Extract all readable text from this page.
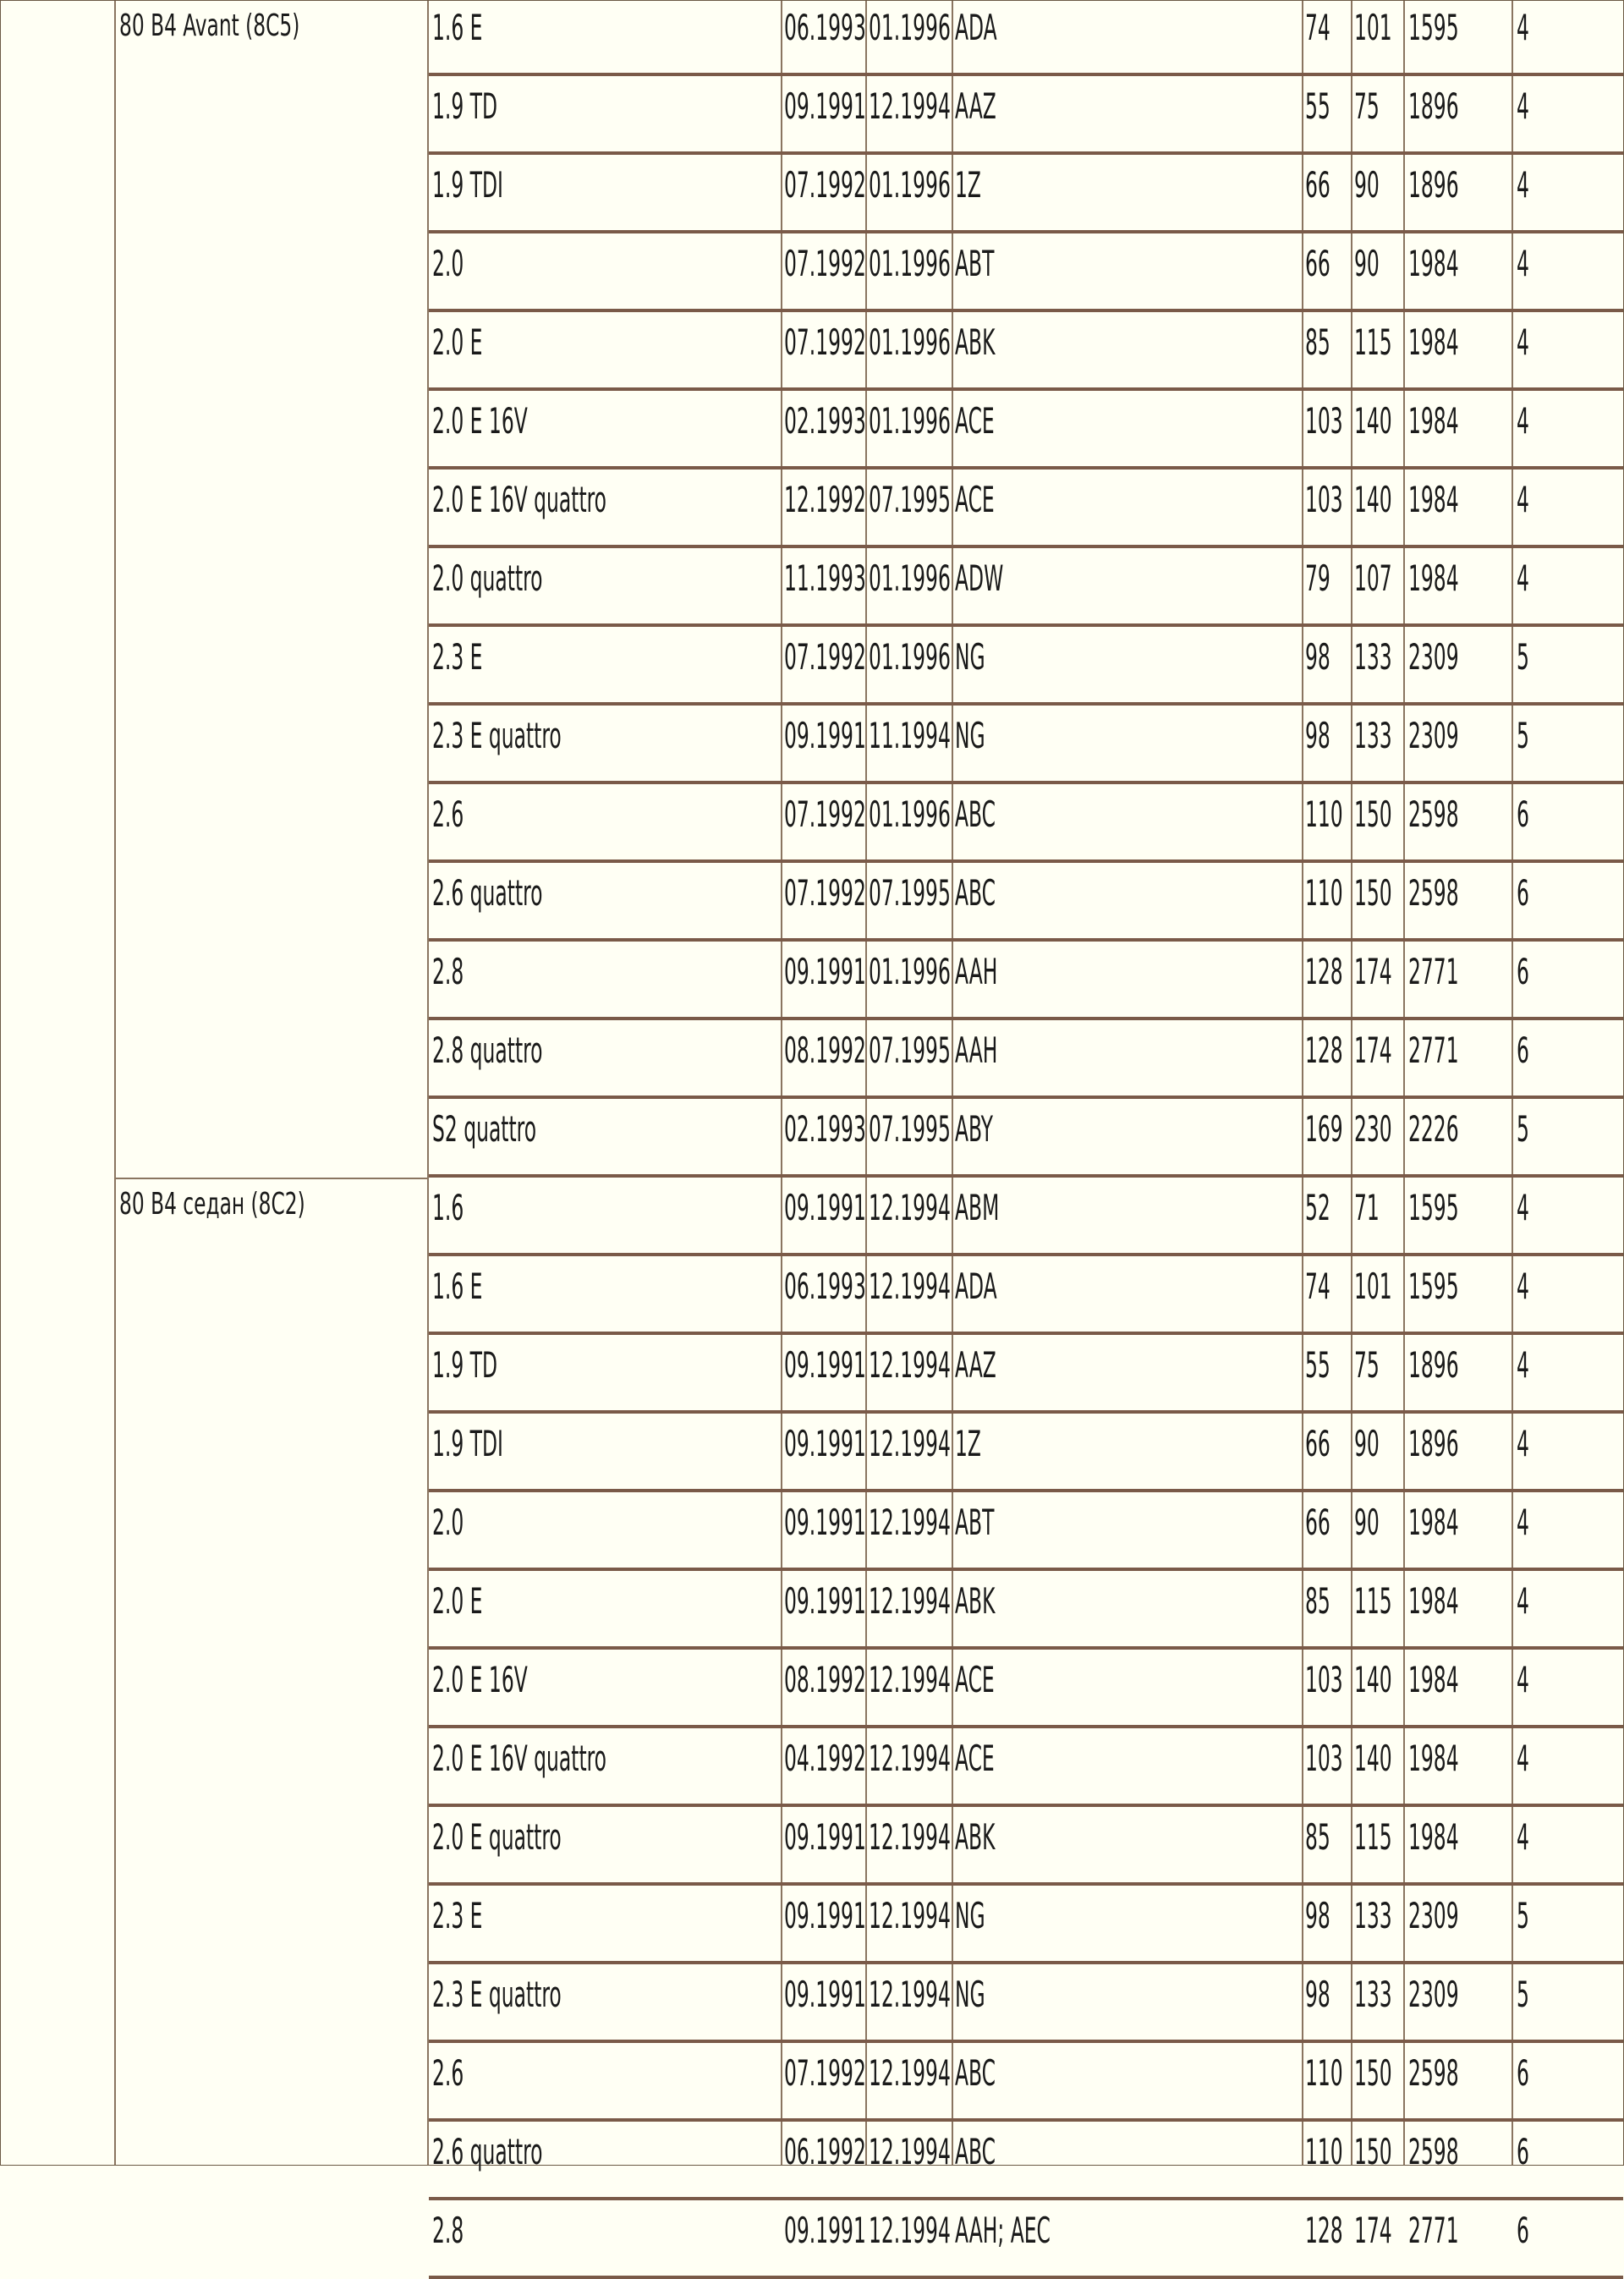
80 B4 Avant (8C5)	1.6 E	06.1993 01.1996 ADA	74 101 1595 4
1.9 TD	09.1991 12.1994 AAZ	55 75 1896 4
1.9 TDI	07.1992 01.1996 1Z	66 90 1896 4
2.0	07.1992 01.1996 ABT	66 90 1984 4
2.0 E	07.1992 01.1996 ABK	85 115 1984 4
2.0 E 16V	02.1993 01.1996 ACE	103 140 1984 4
2.0 E 16V quattro	12.1992 07.1995 ACE	103 140 1984 4
2.0 quattro	11.1993 01.1996 ADW	79 107 1984 4
2.3 E	07.1992 01.1996 NG	98 133 2309 5
2.3 E quattro	09.1991 11.1994 NG	98 133 2309 5
2.6	07.1992 01.1996 ABC	110 150 2598 6
2.6 quattro	07.1992 07.1995 ABC	110 150 2598 6
2.8	09.1991 01.1996 AAH	128 174 2771 6
2.8 quattro	08.1992 07.1995 AAH	128 174 2771 6
S2 quattro	02.1993 07.1995 ABY	169 230 2226 5
80 B4 седан (8C2)	1.6	09.1991 12.1994 ABM	52 71 1595 4
1.6 E	06.1993 12.1994 ADA	74 101 1595 4
1.9 TD	09.1991 12.1994 AAZ	55 75 1896 4
1.9 TDI	09.1991 12.1994 1Z	66 90 1896 4
2.0	09.1991 12.1994 ABT	66 90 1984 4
2.0 E	09.1991 12.1994 ABK	85 115 1984 4
2.0 E 16V	08.1992 12.1994 ACE	103 140 1984 4
2.0 E 16V quattro	04.1992 12.1994 ACE	103 140 1984 4
2.0 E quattro	09.1991 12.1994 ABK	85 115 1984 4
2.3 E	09.1991 12.1994 NG	98 133 2309 5
2.3 E quattro	09.1991 12.1994 NG	98 133 2309 5
2.6	07.1992 12.1994 ABC	110 150 2598 6
2.6 quattro	06.1992 12.1994 ABC	110 150 2598 6
2.8	09.1991 12.1994 AAH; AEC	128 174 2771 6
